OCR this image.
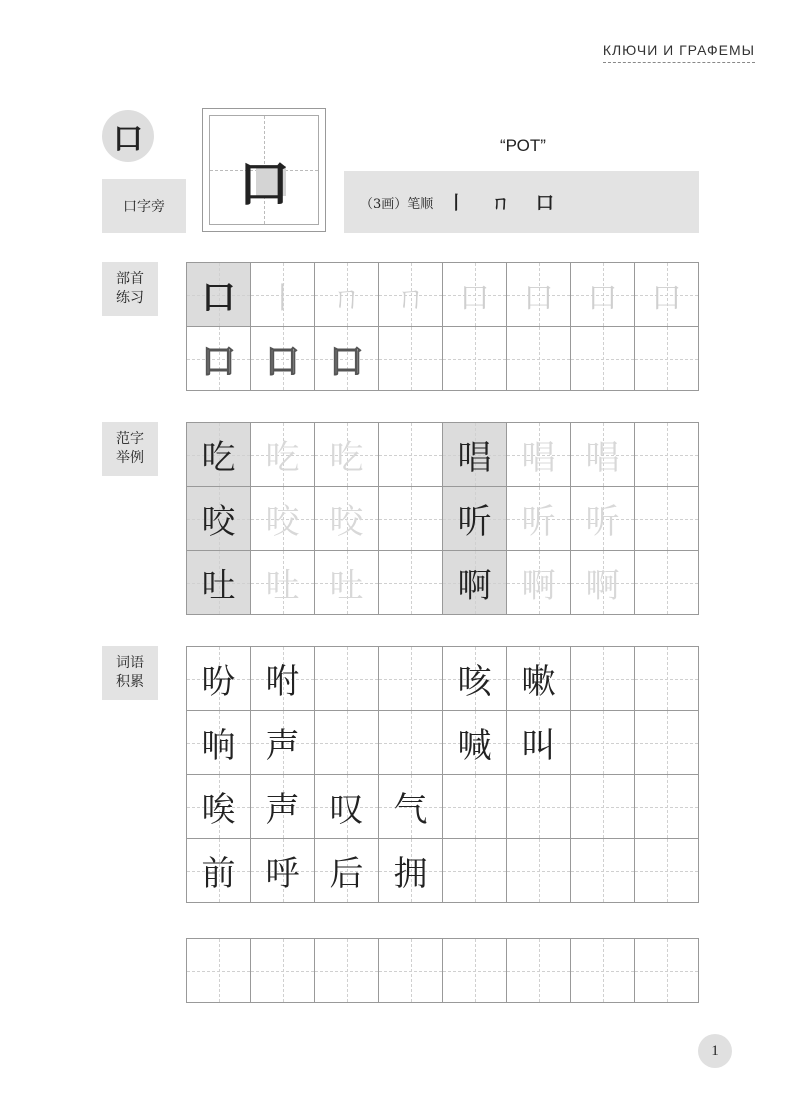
КЛЮЧИ И ГРАФЕМЫ
口
口字旁	口
“РОТ”
（3画）笔顺 丨 ㄇ 口
部首
练习 口 丨 ㄇ ㄇ 口 口 口 口
口 口 口
范字
举例 吃 吃 吃	唱 唱 唱
咬 咬 咬	听 听 听
吐 吐 吐	啊 啊 啊
词语
积累 吩 咐	咳 嗽
响 声	喊 叫
唉 声 叹 气
前 呼 后 拥
1
